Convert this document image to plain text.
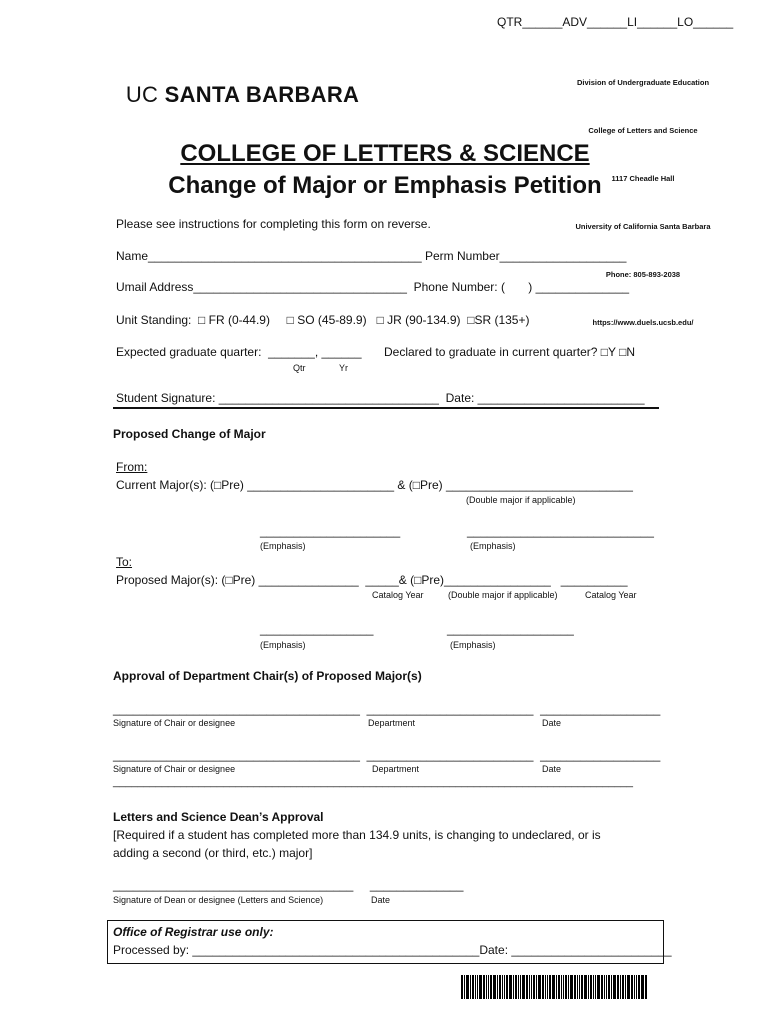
QTR______ADV______LI______LO______

UC SANTA BARBARA

	Division of Undergraduate Education

College of Letters and Science

1117 Cheadle Hall

University of California Santa Barbara

Phone: 805-893-2038

https://www.duels.ucsb.edu/

COLLEGE OF LETTERS & SCIENCE
Change of Major or Emphasis Petition
Please see instructions for completing this form on reverse.
Name_________________________________________ Perm Number___________________
Umail Address________________________________  Phone Number: (       ) ______________
Unit Standing:  □ FR (0-44.9)     □ SO (45-89.9)   □ JR (90-134.9)  □SR (135+)
Expected graduate quarter:  _______, ______ Declared to graduate in current quarter? □Y □N
Qtr	Yr
Student Signature: _________________________________  Date: _________________________
Proposed Change of Major
From:
Current Major(s): (□Pre) ______________________ & (□Pre) ____________________________
(Double major if applicable)
_____________________	____________________________
(Emphasis)	(Emphasis)
To:
Proposed Major(s): (□Pre) _______________  _____& (□Pre)________________   __________
Catalog Year	(Double major if applicable)	Catalog Year
_________________	___________________
(Emphasis)	(Emphasis)
Approval of Department Chair(s) of Proposed Major(s)
_____________________________________  _________________________  __________________
Signature of Chair or designee	Department	Date
_____________________________________  _________________________  __________________
Signature of Chair or designee	Department	Date
_____________________________________________________________________________________
Letters and Science Dean’s Approval
[Required if a student has completed more than 134.9 units, is changing to undeclared, or is
adding a second (or third, etc.) major]
____________________________________     ______________
Signature of Dean or designee (Letters and Science)	Date
Office of Registrar use only:
Processed by: ___________________________________________Date: ________________________
